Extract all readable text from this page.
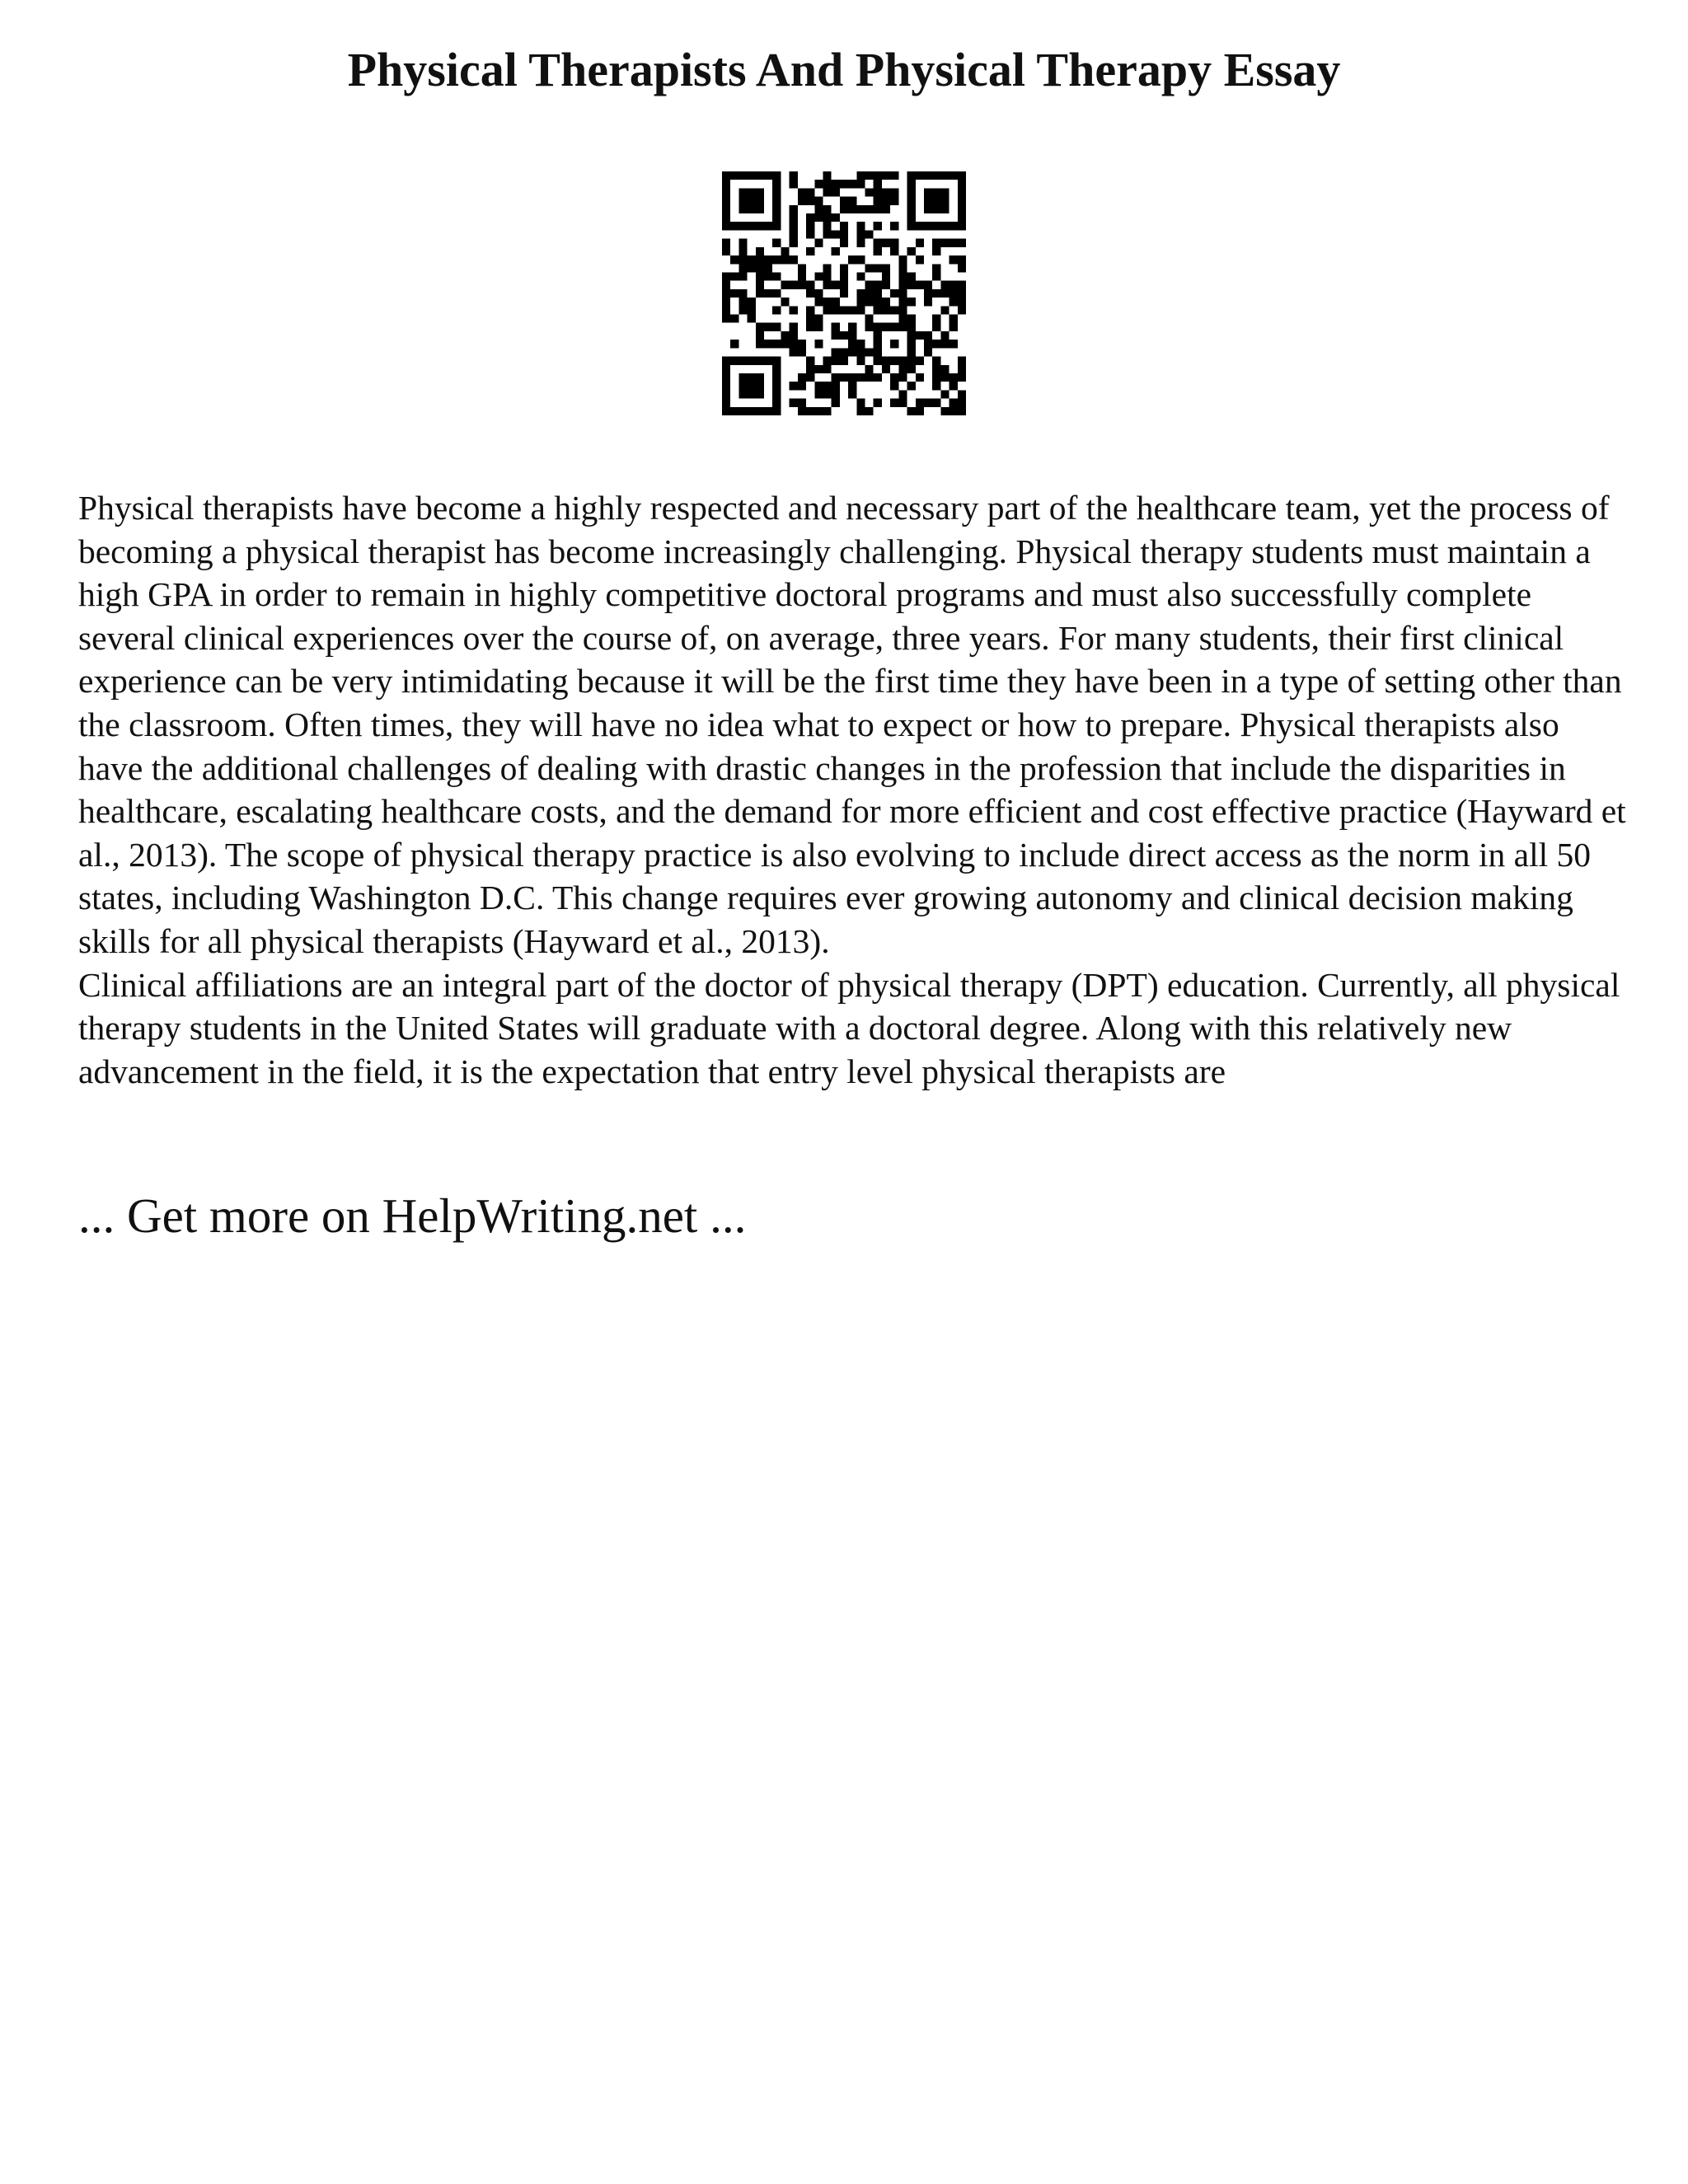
Physical Therapists And Physical Therapy Essay

Physical therapists have become a highly respected and necessary part of the healthcare team, yet the process of becoming a physical therapist has become increasingly challenging. Physical therapy students must maintain a high GPA in order to remain in highly competitive doctoral programs and must also successfully complete several clinical experiences over the course of, on average, three years. For many students, their first clinical experience can be very intimidating because it will be the first time they have been in a type of setting other than the classroom. Often times, they will have no idea what to expect or how to prepare. Physical therapists also have the additional challenges of dealing with drastic changes in the profession that include the disparities in healthcare, escalating healthcare costs, and the demand for more efficient and cost effective practice (Hayward et al., 2013). The scope of physical therapy practice is also evolving to include direct access as the norm in all 50 states, including Washington D.C. This change requires ever growing autonomy and clinical decision making skills for all physical therapists (Hayward et al., 2013).

Clinical affiliations are an integral part of the doctor of physical therapy (DPT) education. Currently, all physical therapy students in the United States will graduate with a doctoral degree. Along with this relatively new advancement in the field, it is the expectation that entry level physical therapists are

... Get more on HelpWriting.net ...
